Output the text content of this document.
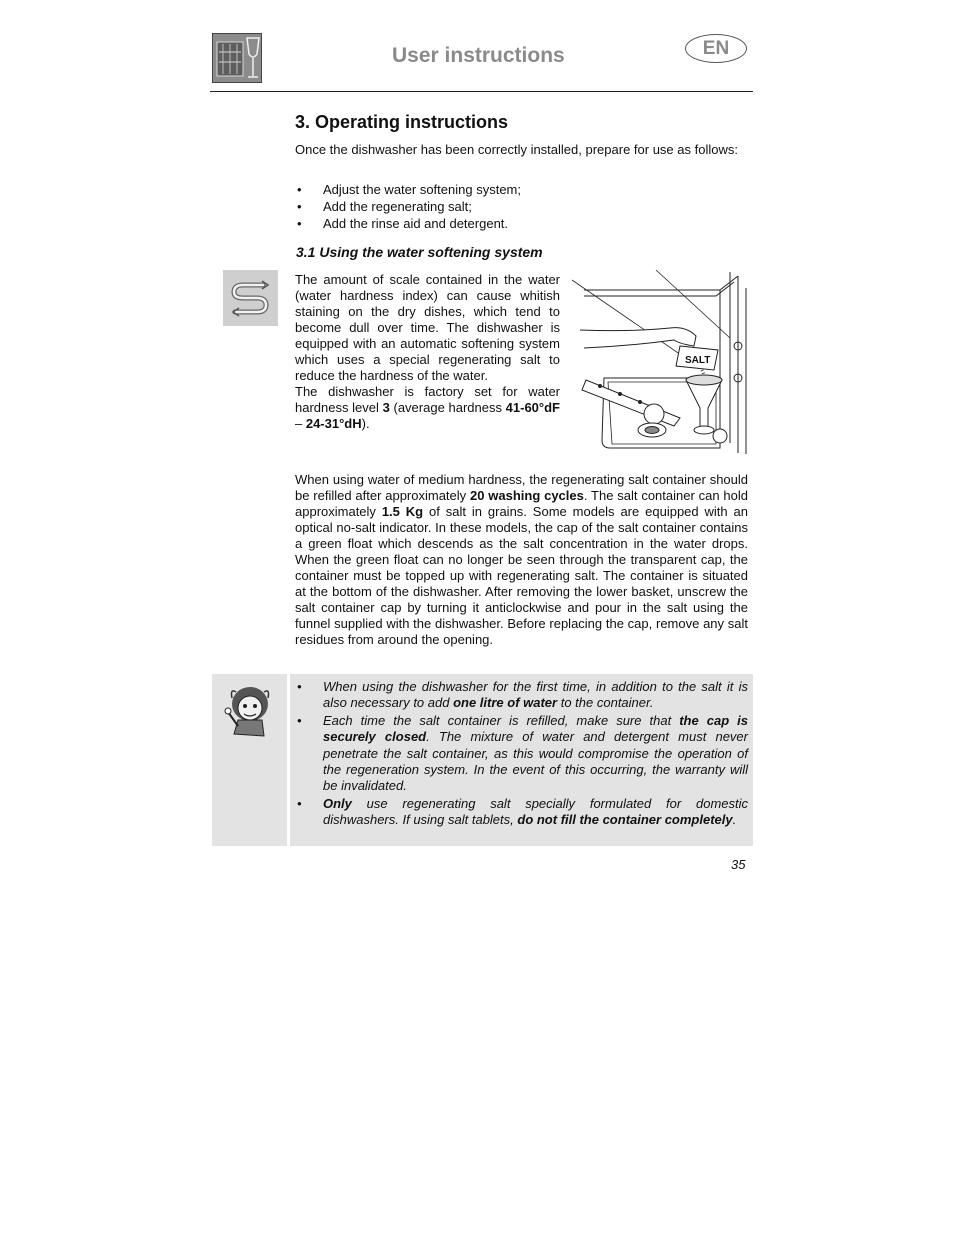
User instructions	EN
3. Operating instructions

Once the dishwasher has been correctly installed, prepare for use as follows:

• Adjust the water softening system;
• Add the regenerating salt;
• Add the rinse aid and detergent.
3.1 Using the water softening system
The amount of scale contained in the water (water hardness index) can cause whitish staining on the dry dishes, which tend to become dull over time. The dishwasher is equipped with an automatic softening system which uses a special regenerating salt to reduce the hardness of the water.
The dishwasher is factory set for water hardness level 3 (average hardness 41-60°dF – 24-31°dH).
SALT
When using water of medium hardness, the regenerating salt container should be refilled after approximately 20 washing cycles. The salt container can hold approximately 1.5 Kg of salt in grains. Some models are equipped with an optical no-salt indicator. In these models, the cap of the salt container contains a green float which descends as the salt concentration in the water drops. When the green float can no longer be seen through the transparent cap, the container must be topped up with regenerating salt. The container is situated at the bottom of the dishwasher. After removing the lower basket, unscrew the salt container cap by turning it anticlockwise and pour in the salt using the funnel supplied with the dishwasher. Before replacing the cap, remove any salt residues from around the opening.
• When using the dishwasher for the first time, in addition to the salt it is also necessary to add one litre of water to the container.
• Each time the salt container is refilled, make sure that the cap is securely closed. The mixture of water and detergent must never penetrate the salt container, as this would compromise the operation of the regeneration system. In the event of this occurring, the warranty will be invalidated.
• Only use regenerating salt specially formulated for domestic dishwashers. If using salt tablets, do not fill the container completely.
35
